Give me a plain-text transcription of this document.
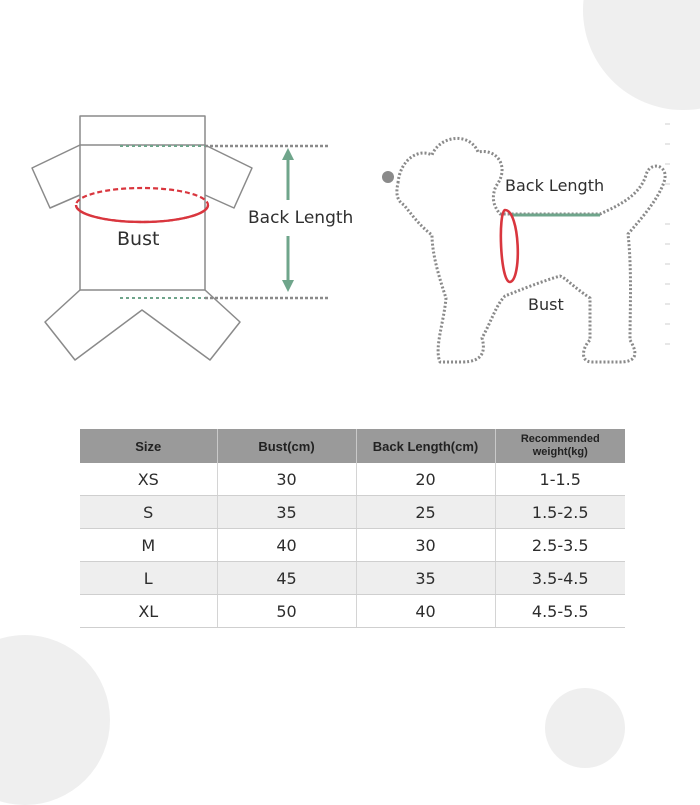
Bust
Back Length
Back Length
Bust
Size	Bust(cm)	Back Length(cm)	Recommended
weight(kg)
XS	30	20	1-1.5
S	35	25	1.5-2.5
M	40	30	2.5-3.5
L	45	35	3.5-4.5
XL	50	40	4.5-5.5
